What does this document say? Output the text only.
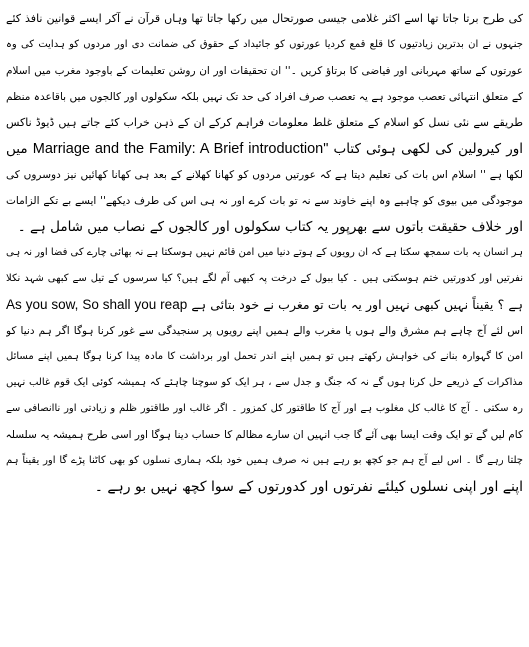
کی طرح برتا جاتا تھا اسے اکثر غلامی جیسی صورتحال میں رکھا جاتا تھا وہاں قرآن نے آکر ایسے قوانین نافذ کئے
جنہوں نے ان بدترین زیادتیوں کا قلع قمع کردیا عورتوں کو جائیداد کے حقوق کی ضمانت دی اور مردوں کو ہدایت کی وہ
عورتوں کے ساتھ مہربانی اور فیاضی کا برتاؤ کریں ۔'' ان تحقیقات اور ان روشن تعلیمات کے باوجود مغرب میں اسلام
کے متعلق انتہائی تعصب موجود ہے یہ تعصب صرف افراد کی حد تک نہیں بلکہ سکولوں اور کالجوں میں باقاعدہ منظم
طریقے سے نئی نسل کو اسلام کے متعلق غلط معلومات فراہم کرکے ان کے ذہن خراب کئے جاتے ہیں ڈیوڈ ناکس
اور کیرولین کی لکھی ہوئی کتاب Marriage and the Family: A Brief introduction" میں
لکھا ہے '' اسلام اس بات کی تعلیم دیتا ہے کہ عورتیں مردوں کو کھانا کھلانے کے بعد ہی کھانا کھائیں نیز دوسروں کی
موجودگی میں بیوی کو چاہیے وہ اپنے خاوند سے نہ تو بات کرے اور نہ ہی اس کی طرف دیکھے'' ایسے بے تکے الزامات
اور خلاف حقیقت باتوں سے بھرپور یہ کتاب سکولوں اور کالجوں کے نصاب میں شامل ہے ۔
ہر انسان یہ بات سمجھ سکتا ہے کہ ان رویوں کے ہوتے دنیا میں امن قائم نہیں ہوسکتا ہے نہ بھائی چارے کی فضا اور نہ ہی
نفرتیں اور کدورتیں ختم ہوسکتی ہیں ۔ کیا ببول کے درخت پہ کبھی آم لگے ہیں؟ کیا سرسوں کے تیل سے کبھی شہد نکلا
ہے ؟ یقیناً نہیں کبھی نہیں اور یہ بات تو مغرب نے خود بتائی ہے As you sow, So shall you reap
اس لئے آج چاہے ہم مشرق والے ہوں یا مغرب والے ہمیں اپنے رویوں پر سنجیدگی سے غور کرنا ہوگا اگر ہم دنیا کو
امن کا گہوارہ بنانے کی خواہش رکھتے ہیں تو ہمیں اپنے اندر تحمل اور برداشت کا مادہ پیدا کرنا ہوگا ہمیں اپنے مسائل
مذاکرات کے ذریعے حل کرنا ہوں گے نہ کہ جنگ و جدل سے ، ہر ایک کو سوچنا چاہئے کہ ہمیشہ کوئی ایک قوم غالب نہیں
رہ سکتی ۔ آج کا غالب کل مغلوب ہے اور آج کا طاقتور کل کمزور ۔ اگر غالب اور طاقتور ظلم و زیادتی اور ناانصافی سے
کام لیں گے تو ایک وقت ایسا بھی آئے گا جب انہیں ان سارے مظالم کا حساب دینا ہوگا اور اسی طرح ہمیشہ یہ سلسلہ
چلتا رہے گا ۔ اس لیے آج ہم جو کچھ بو رہے ہیں نہ صرف ہمیں خود بلکہ ہماری نسلوں کو بھی کاٹنا پڑے گا اور یقیناً ہم
اپنے اور اپنی نسلوں کیلئے نفرتوں اور کدورتوں کے سوا کچھ نہیں بو رہے ۔
